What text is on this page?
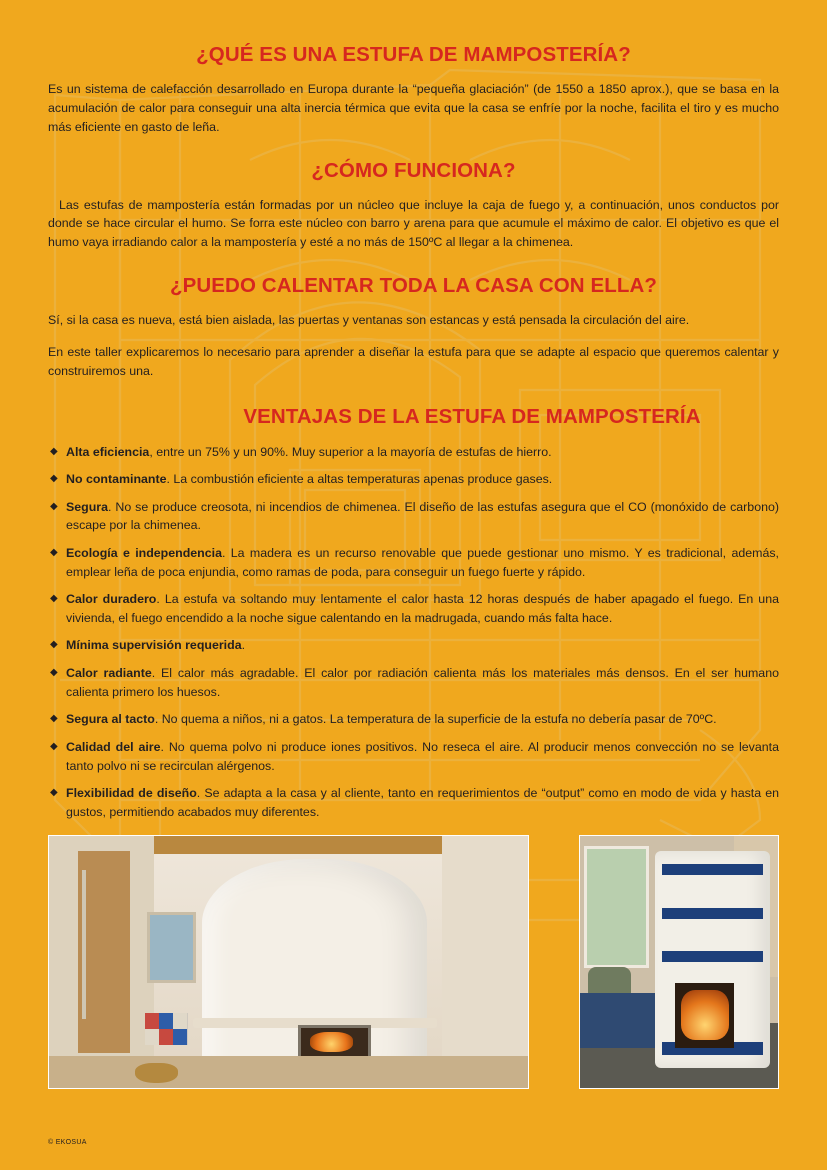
¿QUÉ ES UNA ESTUFA DE MAMPOSTERÍA?

Es un sistema de calefacción desarrollado en Europa durante la “pequeña glaciación” (de 1550 a 1850 aprox.), que se basa en la acumulación de calor para conseguir una alta inercia térmica que evita que la casa se enfríe por la noche, facilita el tiro y es mucho más eficiente en gasto de leña.

¿CÓMO FUNCIONA?

Las estufas de mampostería están formadas por un núcleo que incluye la caja de fuego y, a continuación, unos conductos por donde se hace circular el humo. Se forra este núcleo con barro y arena para que acumule el máximo de calor. El objetivo es que el humo vaya irradiando calor a la mampostería y esté a no más de 150ºC al llegar a la chimenea.

¿PUEDO CALENTAR TODA LA CASA CON ELLA?

Sí, si la casa es nueva, está bien aislada, las puertas y ventanas son estancas y está pensada la circulación del aire.

En este taller explicaremos lo necesario para aprender a diseñar la estufa para que se adapte al espacio que queremos calentar y construiremos una.

VENTAJAS DE LA ESTUFA DE MAMPOSTERÍA
◆ Alta eficiencia, entre un 75% y un 90%. Muy superior a la mayoría de estufas de hierro.
◆ No contaminante. La combustión eficiente a altas temperaturas apenas produce gases.
◆ Segura. No se produce creosota, ni incendios de chimenea. El diseño de las estufas asegura que el CO (monóxido de carbono) escape por la chimenea.
◆ Ecología e independencia. La madera es un recurso renovable que puede gestionar uno mismo. Y es tradicional, además, emplear leña de poca enjundia, como ramas de poda, para conseguir un fuego fuerte y rápido.
◆ Calor duradero. La estufa va soltando muy lentamente el calor hasta 12 horas después de haber apagado el fuego. En una vivienda, el fuego encendido a la noche sigue calentando en la madrugada, cuando más falta hace.
◆ Mínima supervisión requerida.
◆ Calor radiante. El calor más agradable. El calor por radiación calienta más los materiales más densos. En el ser humano calienta primero los huesos.
◆ Segura al tacto. No quema a niños, ni a gatos. La temperatura de la superficie de la estufa no debería pasar de 70ºC.
◆ Calidad del aire. No quema polvo ni produce iones positivos. No reseca el aire. Al producir menos convección no se levanta tanto polvo ni se recirculan alérgenos.
◆ Flexibilidad de diseño. Se adapta a la casa y al cliente, tanto en requerimientos de “output” como en modo de vida y hasta en gustos, permitiendo acabados muy diferentes.
© EKOSUA
